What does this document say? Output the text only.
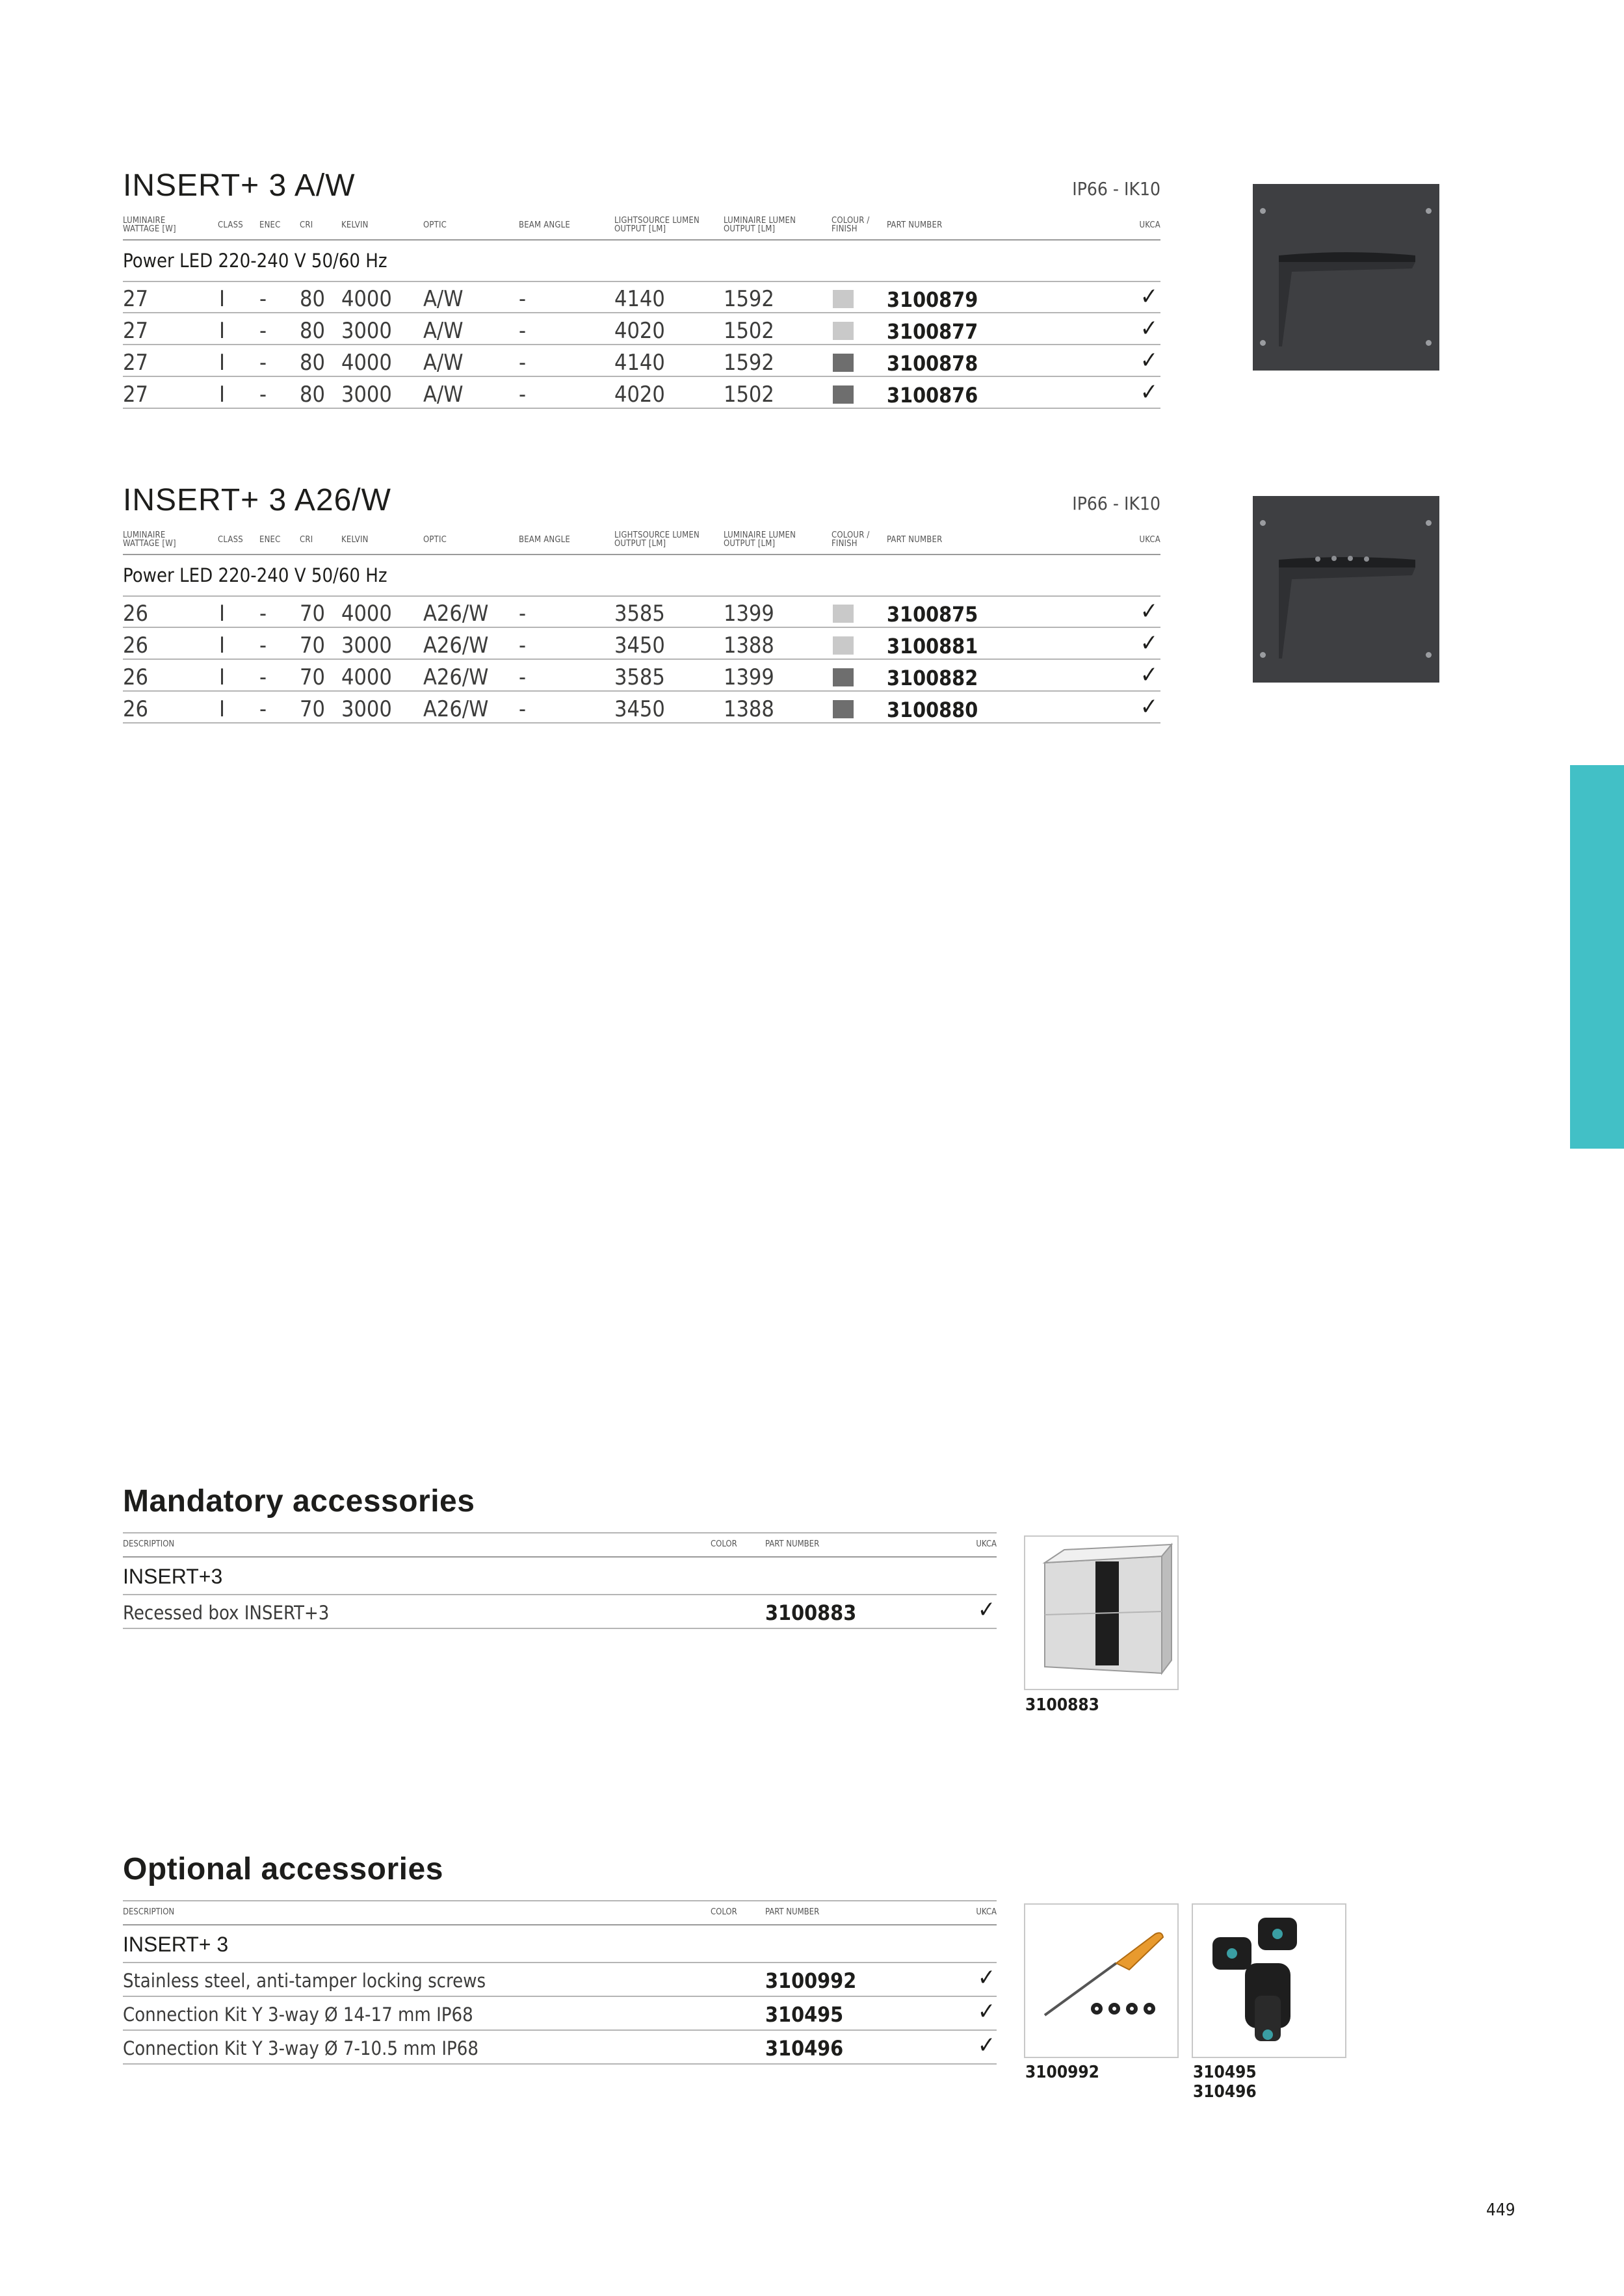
INSERT+ 3 A/W	IP66 - IK10
LUMINAIRE WATTAGE [W]	CLASS ENEC CRI	KELVIN	OPTIC	BEAM ANGLE	LIGHTSOURCE LUMEN OUTPUT [LM]
LUMINAIRE LUMEN OUTPUT [LM]
COLOUR / FINISH	PART NUMBER	UKCA
Power LED 220-240 V 50/60 Hz
27	I - 80 4000 A/W	-	4140	1592	3100879	✓
27	I - 80 3000 A/W	-	4020	1502	3100877	✓
27	I - 80 4000 A/W	-	4140	1592	3100878	✓
27	I - 80 3000 A/W	-	4020	1502	3100876	✓
INSERT+ 3 A26/W	IP66 - IK10
LUMINAIRE WATTAGE [W]	CLASS ENEC CRI	KELVIN	OPTIC	BEAM ANGLE	LIGHTSOURCE LUMEN OUTPUT [LM]
LUMINAIRE LUMEN OUTPUT [LM]
COLOUR / FINISH	PART NUMBER	UKCA
Power LED 220-240 V 50/60 Hz
26	I - 70 4000 A26/W -	3585	1399	3100875	✓
26	I - 70 3000 A26/W -	3450	1388	3100881	✓
26	I - 70 4000 A26/W -	3585	1399	3100882	✓
26	I - 70 3000 A26/W -	3450	1388	3100880	✓
Mandatory accessories
DESCRIPTION	COLOR	PART NUMBER	UKCA
INSERT+3
Recessed box INSERT+3	3100883	✓
3100883
Optional accessories
DESCRIPTION	COLOR	PART NUMBER	UKCA
INSERT+ 3
Stainless steel, anti-tamper locking screws	3100992	✓
Connection Kit Y 3-way Ø 14-17 mm IP68	310495	✓
Connection Kit Y 3-way Ø 7-10.5 mm IP68	310496	✓
3100992	310495
310496
449
